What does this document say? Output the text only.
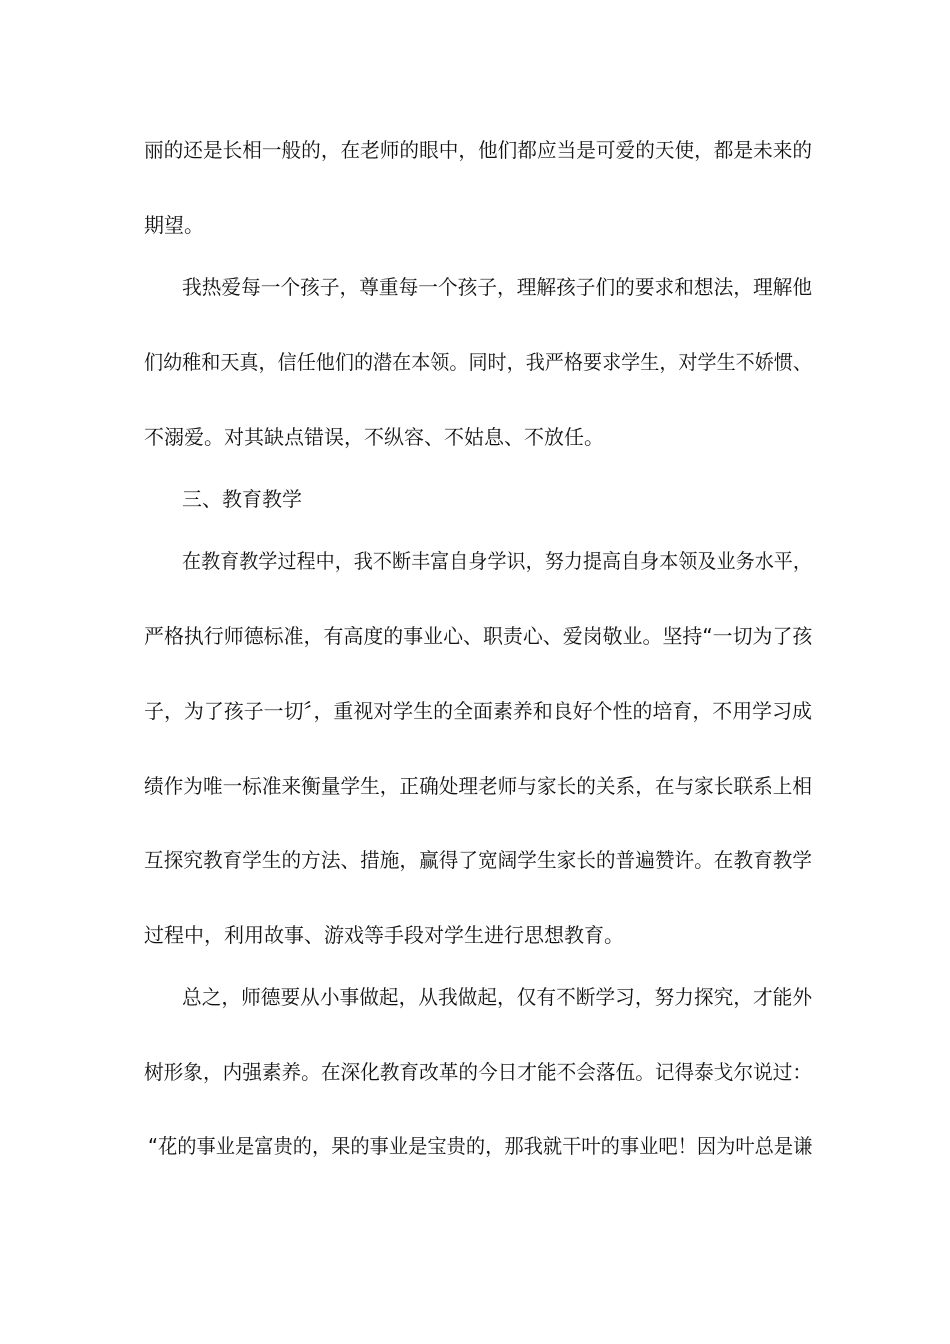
丽的还是长相一般的，在老师的眼中，他们都应当是可爱的天使，都是未来的
期望。
我热爱每一个孩子，尊重每一个孩子，理解孩子们的要求和想法，理解他
们幼稚和天真，信任他们的潜在本领。同时，我严格要求学生，对学生不娇惯、
不溺爱。对其缺点错误，不纵容、不姑息、不放任。
三、教育教学
在教育教学过程中，我不断丰富自身学识，努力提高自身本领及业务水平，
严格执行师德标准，有高度的事业心、职责心、爱岗敬业。坚持“一切为了孩
子，为了孩子一切〞，重视对学生的全面素养和良好个性的培育，不用学习成
绩作为唯一标准来衡量学生，正确处理老师与家长的关系，在与家长联系上相
互探究教育学生的方法、措施，赢得了宽阔学生家长的普遍赞许。在教育教学
过程中，利用故事、游戏等手段对学生进行思想教育。
总之，师德要从小事做起，从我做起，仅有不断学习，努力探究，才能外
树形象，内强素养。在深化教育改革的今日才能不会落伍。记得泰戈尔说过：
“花的事业是富贵的，果的事业是宝贵的，那我就干叶的事业吧！因为叶总是谦
